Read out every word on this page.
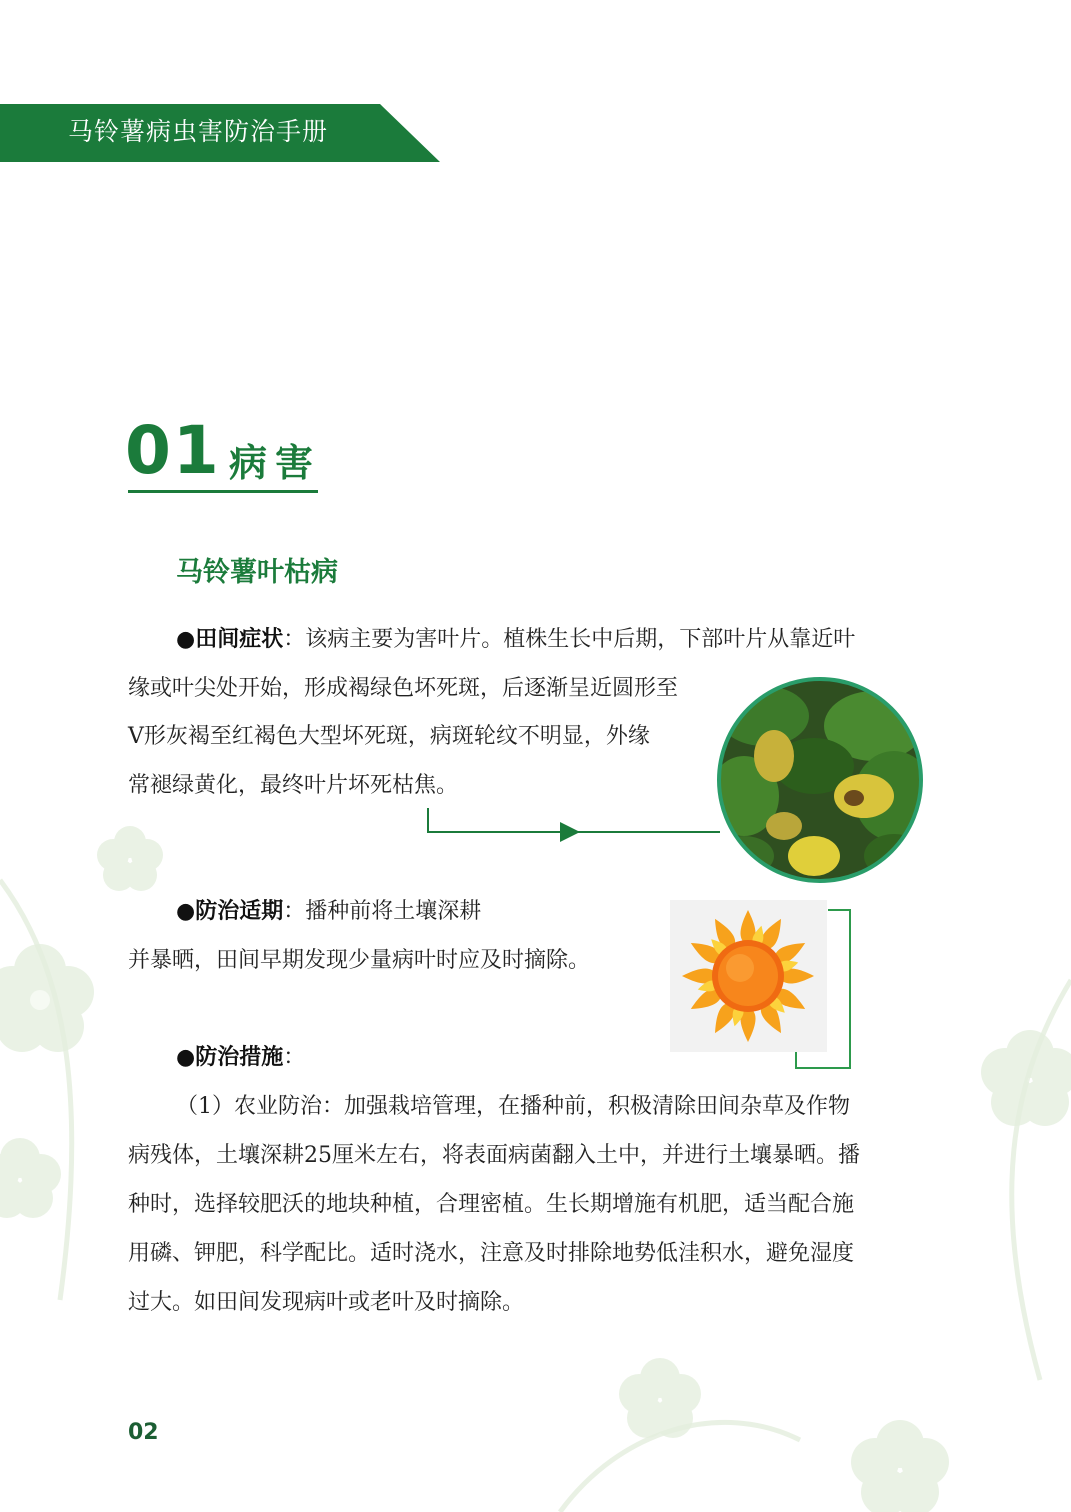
马铃薯病虫害防治手册
01 病害
马铃薯叶枯病
●田间症状：该病主要为害叶片。植株生长中后期，下部叶片从靠近叶
缘或叶尖处开始，形成褐绿色坏死斑，后逐渐呈近圆形至
V形灰褐至红褐色大型坏死斑，病斑轮纹不明显，外缘
常褪绿黄化，最终叶片坏死枯焦。
●防治适期：播种前将土壤深耕
并暴晒，田间早期发现少量病叶时应及时摘除。
●防治措施：
（1）农业防治：加强栽培管理，在播种前，积极清除田间杂草及作物
病残体，土壤深耕25厘米左右，将表面病菌翻入土中，并进行土壤暴晒。播
种时，选择较肥沃的地块种植，合理密植。生长期增施有机肥，适当配合施
用磷、钾肥，科学配比。适时浇水，注意及时排除地势低洼积水，避免湿度
过大。如田间发现病叶或老叶及时摘除。
02
